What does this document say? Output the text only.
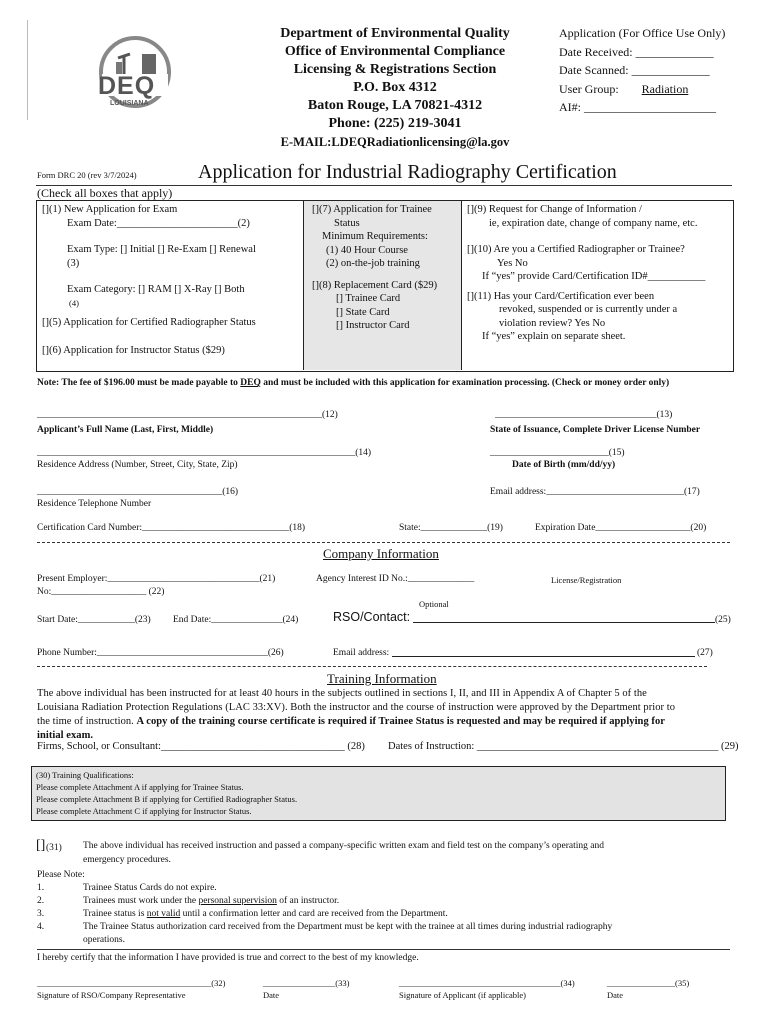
DEQ
LOUISIANA
Department of Environmental Quality
Office of Environmental Compliance
Licensing & Registrations Section
P.O. Box 4312
Baton Rouge, LA 70821-4312
Phone: (225) 219-3041
E-MAIL:LDEQRadiationlicensing@la.gov
Application (For Office Use Only)
Date Received: _____________
Date Scanned: _____________
User Group: Radiation
AI#: ______________________
Form DRC 20 (rev 3/7/2024)	Application for Industrial Radiography Certification
(Check all boxes that apply)
[](1) New Application for Exam
Exam Date:_______________________(2)
Exam Type: [] Initial [] Re-Exam [] Renewal
(3)
Exam Category: [] RAM [] X-Ray [] Both
(4)
[](5) Application for Certified Radiographer Status
[](6) Application for Instructor Status ($29)
[](7) Application for Trainee
Status
Minimum Requirements:
(1) 40 Hour Course
(2) on-the-job training
[](8) Replacement Card ($29)
[] Trainee Card
[] State Card
[] Instructor Card
[](9) Request for Change of Information /
ie, expiration date, change of company name, etc.
[](10) Are you a Certified Radiographer or Trainee?
Yes No
If “yes” provide Card/Certification ID#___________
[](11) Has your Card/Certification ever been
revoked, suspended or is currently under a
violation review? Yes No
If “yes” explain on separate sheet.
Note: The fee of $196.00 must be made payable to DEQ and must be included with this application for examination processing. (Check or money order only)
____________________________________________________________(12)
Applicant’s Full Name (Last, First, Middle)
__________________________________(13)
State of Issuance, Complete Driver License Number
___________________________________________________________________(14)
Residence Address (Number, Street, City, State, Zip)
_________________________(15)
Date of Birth (mm/dd/yy)
_______________________________________(16)
Residence Telephone Number
Email address:_____________________________(17)
Certification Card Number:_______________________________(18)	State:______________(19)	Expiration Date____________________(20)
Company Information
Present Employer:________________________________(21)	Agency Interest ID No.:______________	License/Registration
No:____________________ (22)
Optional
Start Date:____________(23) End Date:_______________(24)	RSO/Contact:	(25)
Phone Number:____________________________________(26)	Email address:	(27)
Training Information
The above individual has been instructed for at least 40 hours in the subjects outlined in sections I, II, and III in Appendix A of Chapter 5 of the
Louisiana Radiation Protection Regulations (LAC 33:XV). Both the instructor and the course of instruction were approved by the Department prior to
the time of instruction. A copy of the training course certificate is required if Trainee Status is requested and may be required if applying for
initial exam.
Firms, School, or Consultant:___________________________________ (28) Dates of Instruction: ______________________________________________ (29)
(30) Training Qualifications:
Please complete Attachment A if applying for Trainee Status.
Please complete Attachment B if applying for Certified Radiographer Status.
Please complete Attachment C if applying for Instructor Status.
[] (31) The above individual has received instruction and passed a company-specific written exam and field test on the company’s operating and
emergency procedures.
Please Note:
1.	Trainee Status Cards do not expire.
2.	Trainees must work under the personal supervision of an instructor.
3.	Trainee status is not valid until a confirmation letter and card are received from the Department.
4.	The Trainee Status authorization card received from the Department must be kept with the trainee at all times during industrial radiography
operations.
I hereby certify that the information I have provided is true and correct to the best of my knowledge.
_________________________________________(32)	_________________(33)
Signature of RSO/Company Representative	Date
______________________________________(34)	________________(35)
Signature of Applicant (if applicable)	Date
